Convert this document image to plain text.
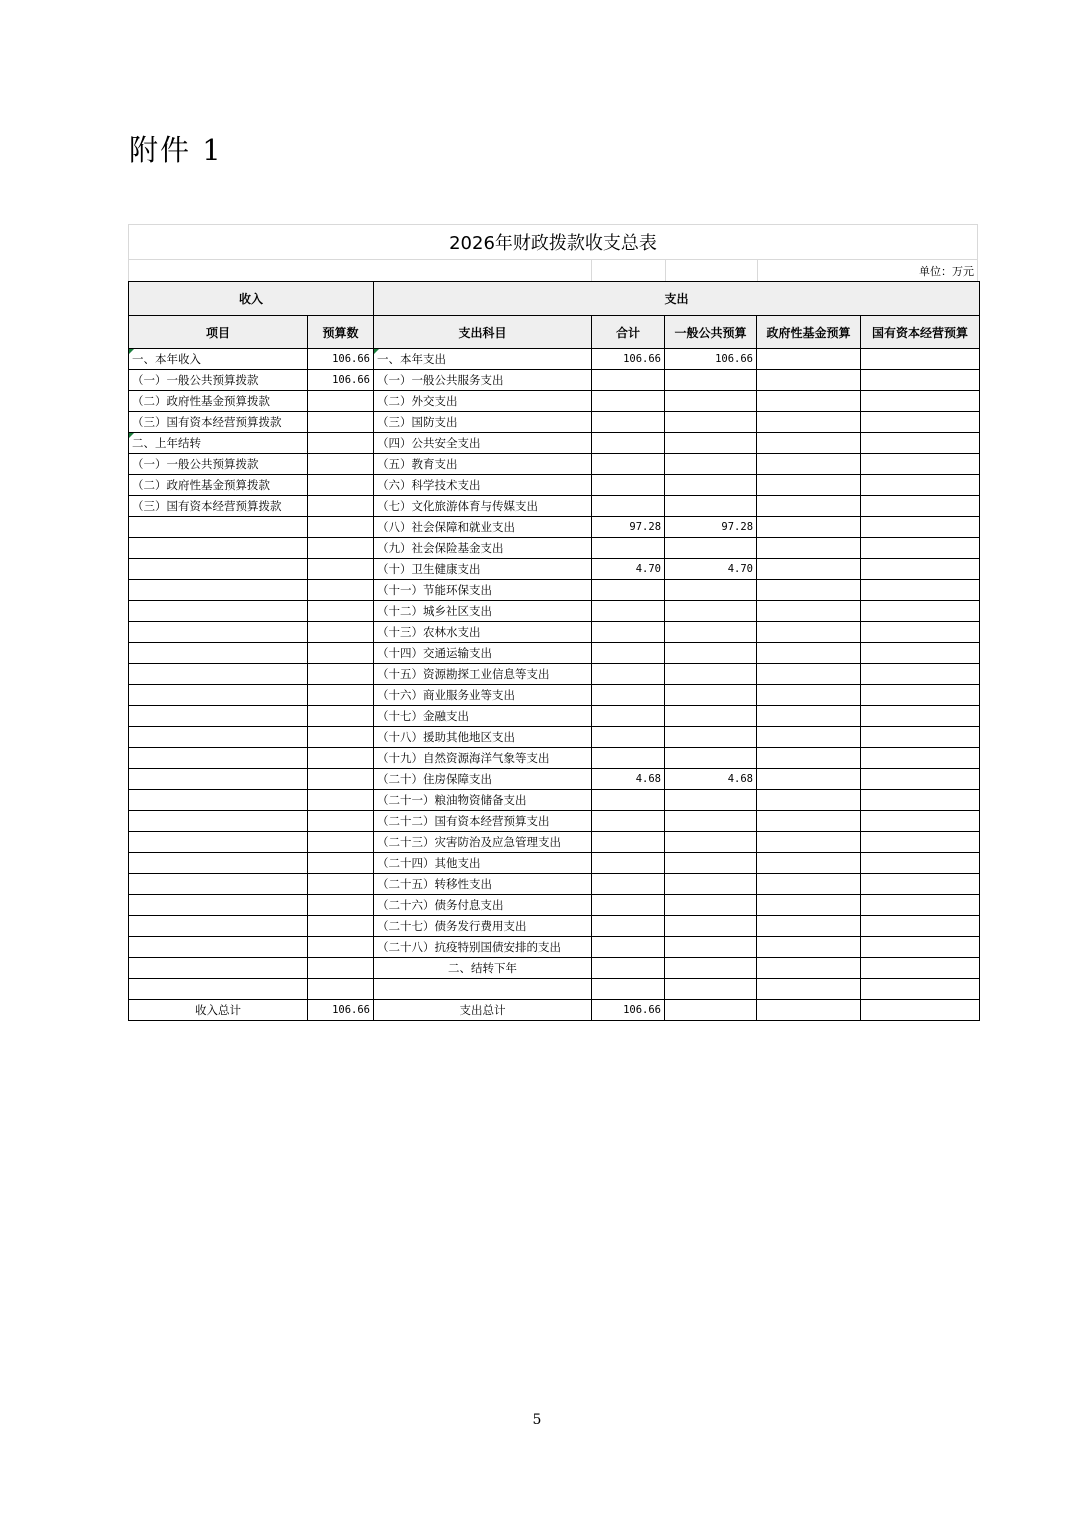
附件 1
2026年财政拨款收支总表
单位：万元
收入		支出				
项目	预算数	支出科目	合计	一般公共预算	政府性基金预算	国有资本经营预算
一、本年收入	106.66	一、本年支出	106.66	106.66		
（一）一般公共预算拨款	106.66	（一）一般公共服务支出				
（二）政府性基金预算拨款		（二）外交支出				
（三）国有资本经营预算拨款		（三）国防支出				
二、上年结转		（四）公共安全支出				
（一）一般公共预算拨款		（五）教育支出				
（二）政府性基金预算拨款		（六）科学技术支出				
（三）国有资本经营预算拨款		（七）文化旅游体育与传媒支出				
		（八）社会保障和就业支出	97.28	97.28		
		（九）社会保险基金支出				
		（十）卫生健康支出	4.70	4.70		
		（十一）节能环保支出				
		（十二）城乡社区支出				
		（十三）农林水支出				
		（十四）交通运输支出				
		（十五）资源勘探工业信息等支出				
		（十六）商业服务业等支出				
		（十七）金融支出				
		（十八）援助其他地区支出				
		（十九）自然资源海洋气象等支出				
		（二十）住房保障支出	4.68	4.68		
		（二十一）粮油物资储备支出				
		（二十二）国有资本经营预算支出				
		（二十三）灾害防治及应急管理支出				
		（二十四）其他支出				
		（二十五）转移性支出				
		（二十六）债务付息支出				
		（二十七）债务发行费用支出				
		（二十八）抗疫特别国债安排的支出				
		二、结转下年				

收入总计	106.66	支出总计	106.66			
5
